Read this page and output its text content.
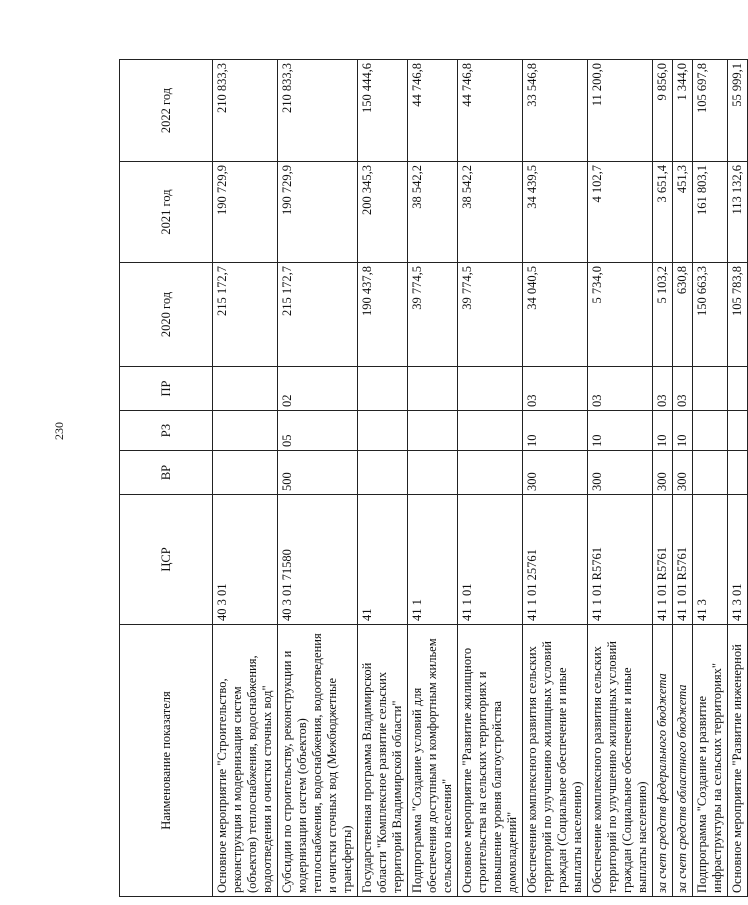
230
Наименование показателя	ЦСР	ВР	РЗ	ПР	2020 год	2021 год	2022 год
Основное мероприятие "Строительство, реконструкция и модернизация систем (объектов) теплоснабжения, водоснабжения, водоотведения и очистки сточных вод"	40 3 01				215 172,7	190 729,9	210 833,3
Субсидии по строительству, реконструкции и модернизации систем (объектов) теплоснабжения, водоснабжения, водоотведения и очистки сточных вод (Межбюджетные трансферты)	40 3 01 71580	500	05	02	215 172,7	190 729,9	210 833,3
Государственная программа Владимирской области "Комплексное развитие сельских территорий Владимирской области"	41				190 437,8	200 345,3	150 444,6
Подпрограмма "Создание условий для обеспечения доступным и комфортным жильем сельского населения"	41 1				39 774,5	38 542,2	44 746,8
Основное мероприятие "Развитие жилищного строительства на сельских территориях и повышение уровня благоустройства домовладений"	41 1 01				39 774,5	38 542,2	44 746,8
Обеспечение комплексного развития сельских территорий по улучшению жилищных условий граждан (Социальное обеспечение и иные выплаты населению)	41 1 01 25761	300	10	03	34 040,5	34 439,5	33 546,8
Обеспечение комплексного развития сельских территорий по улучшению жилищных условий граждан (Социальное обеспечение и иные выплаты населению)	41 1 01 R5761	300	10	03	5 734,0	4 102,7	11 200,0
за счет средств федерального бюджета	41 1 01 R5761	300	10	03	5 103,2	3 651,4	9 856,0
за счет средств областного бюджета	41 1 01 R5761	300	10	03	630,8	451,3	1 344,0
Подпрограмма "Создание и развитие инфраструктуры на сельских территориях"	41 3				150 663,3	161 803,1	105 697,8
Основное мероприятие "Развитие инженерной	41 3 01				105 783,8	113 132,6	55 999,1
